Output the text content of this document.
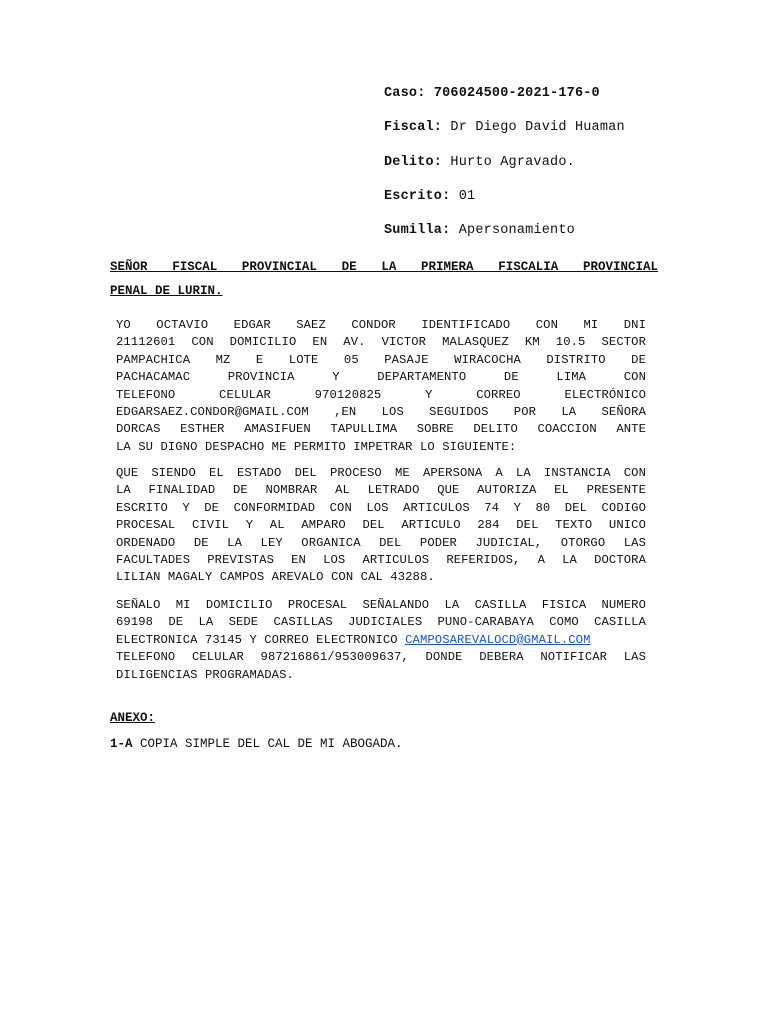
Caso: 706024500-2021-176-0
Fiscal: Dr Diego David Huaman
Delito: Hurto Agravado.
Escrito: 01
Sumilla: Apersonamiento
SEÑOR FISCAL PROVINCIAL DE LA PRIMERA FISCALIA PROVINCIAL
PENAL DE LURIN.
YO OCTAVIO EDGAR SAEZ CONDOR IDENTIFICADO CON MI DNI
21112601 CON DOMICILIO EN AV. VICTOR MALASQUEZ KM 10.5 SECTOR
PAMPACHICA MZ E LOTE 05 PASAJE WIRACOCHA DISTRITO DE
PACHACAMAC PROVINCIA Y DEPARTAMENTO DE LIMA CON
TELEFONO CELULAR 970120825 Y CORREO ELECTRÓNICO
EDGARSAEZ.CONDOR@GMAIL.COM ,EN LOS SEGUIDOS POR LA SEÑORA
DORCAS ESTHER AMASIFUEN TAPULLIMA SOBRE DELITO COACCION ANTE
LA SU DIGNO DESPACHO ME PERMITO IMPETRAR LO SIGUIENTE:
QUE SIENDO EL ESTADO DEL PROCESO ME APERSONA A LA INSTANCIA CON
LA FINALIDAD DE NOMBRAR AL LETRADO QUE AUTORIZA EL PRESENTE
ESCRITO Y DE CONFORMIDAD CON LOS ARTICULOS 74 Y 80 DEL CODIGO
PROCESAL CIVIL Y AL AMPARO DEL ARTICULO 284 DEL TEXTO UNICO
ORDENADO DE LA LEY ORGANICA DEL PODER JUDICIAL, OTORGO LAS
FACULTADES PREVISTAS EN LOS ARTICULOS REFERIDOS, A LA DOCTORA
LILIAN MAGALY CAMPOS AREVALO CON CAL 43288.
SEÑALO MI DOMICILIO PROCESAL SEÑALANDO LA CASILLA FISICA NUMERO
69198 DE LA SEDE CASILLAS JUDICIALES PUNO-CARABAYA COMO CASILLA
ELECTRONICA 73145 Y CORREO ELECTRONICO CAMPOSAREVALOCD@GMAIL.COM
TELEFONO CELULAR 987216861/953009637, DONDE DEBERA NOTIFICAR LAS
DILIGENCIAS PROGRAMADAS.
ANEXO:
1-A COPIA SIMPLE DEL CAL DE MI ABOGADA.
